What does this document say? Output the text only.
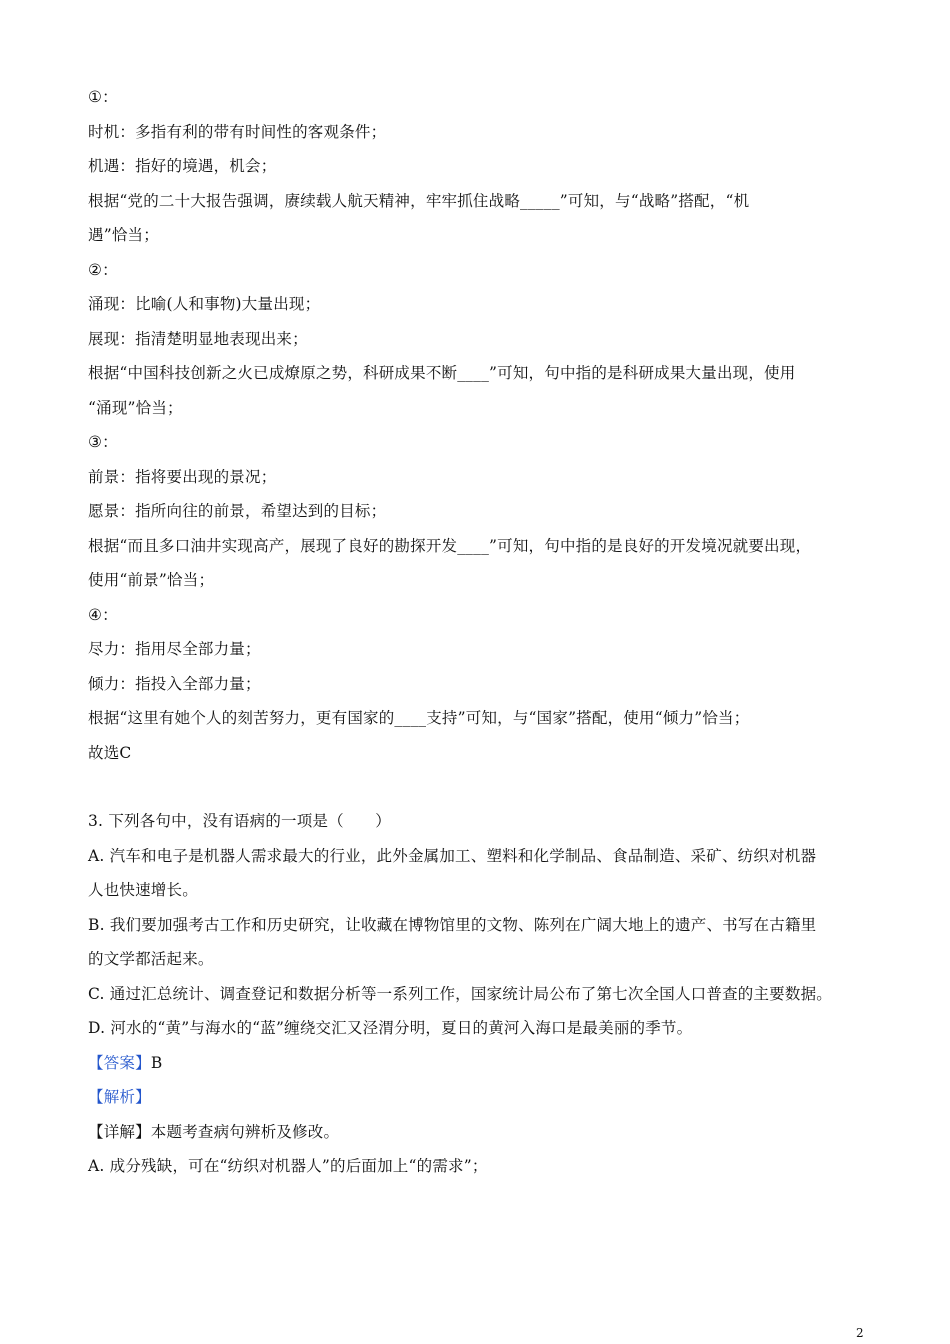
①：
时机：多指有利的带有时间性的客观条件；
机遇：指好的境遇，机会；
根据“党的二十大报告强调，赓续载人航天精神，牢牢抓住战略_____”可知，与“战略”搭配，“机
遇”恰当；
②：
涌现：比喻(人和事物)大量出现；
展现：指清楚明显地表现出来；
根据“中国科技创新之火已成燎原之势，科研成果不断____”可知，句中指的是科研成果大量出现，使用
“涌现”恰当；
③：
前景：指将要出现的景况；
愿景：指所向往的前景，希望达到的目标；
根据“而且多口油井实现高产，展现了良好的勘探开发____”可知，句中指的是良好的开发境况就要出现，
使用“前景”恰当；
④：
尽力：指用尽全部力量；
倾力：指投入全部力量；
根据“这里有她个人的刻苦努力，更有国家的____支持”可知，与“国家”搭配，使用“倾力”恰当；
故选C
3. 下列各句中，没有语病的一项是（　　）
A. 汽车和电子是机器人需求最大的行业，此外金属加工、塑料和化学制品、食品制造、采矿、纺织对机器
人也快速增长。
B. 我们要加强考古工作和历史研究，让收藏在博物馆里的文物、陈列在广阔大地上的遗产、书写在古籍里
的文学都活起来。
C. 通过汇总统计、调查登记和数据分析等一系列工作，国家统计局公布了第七次全国人口普查的主要数据。
D. 河水的“黄”与海水的“蓝”缠绕交汇又泾渭分明，夏日的黄河入海口是最美丽的季节。
【答案】B
【解析】
【详解】本题考查病句辨析及修改。
A. 成分残缺，可在“纺织对机器人”的后面加上“的需求”；
2
